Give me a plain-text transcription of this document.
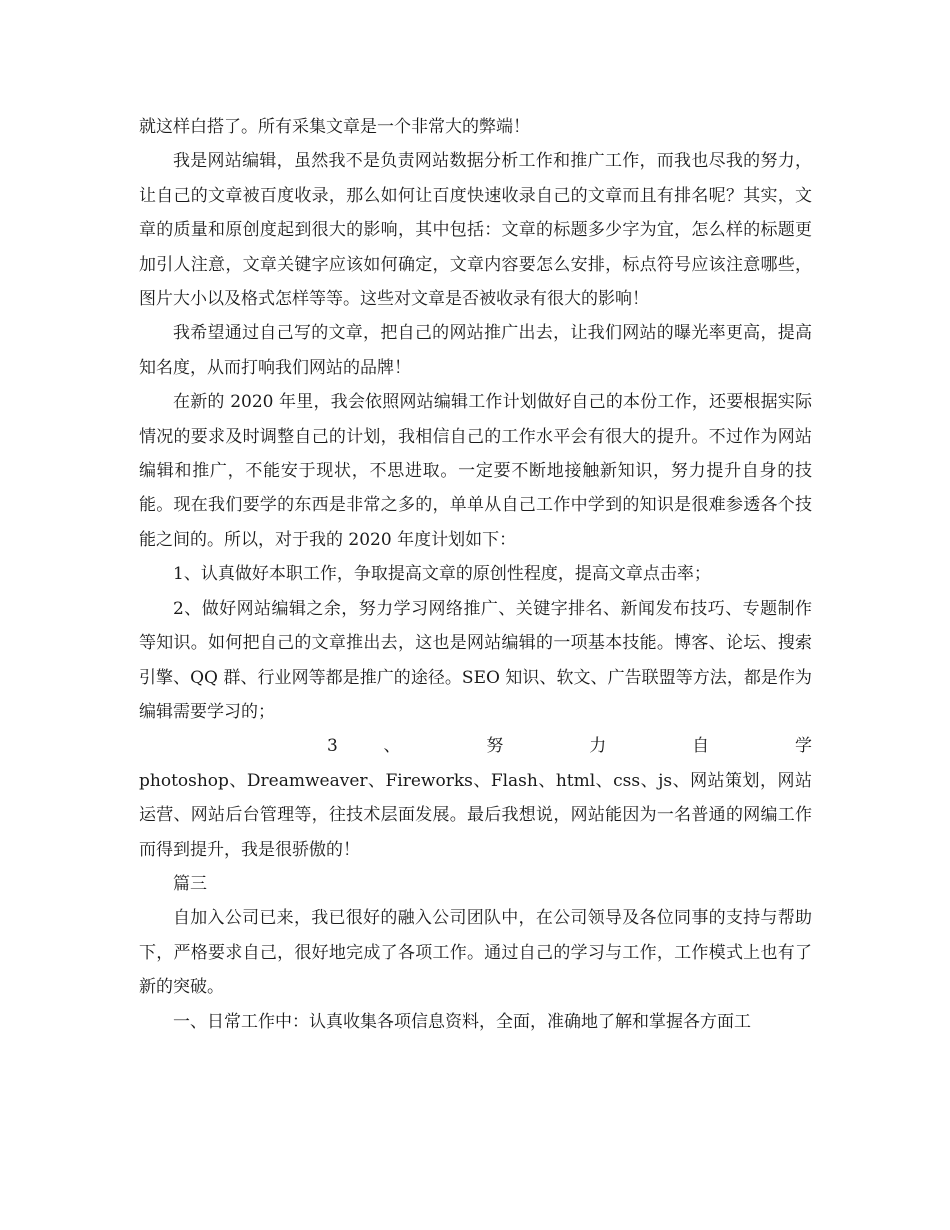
就这样白搭了。所有采集文章是一个非常大的弊端！

我是网站编辑，虽然我不是负责网站数据分析工作和推广工作，而我也尽我的努力，让自己的文章被百度收录，那么如何让百度快速收录自己的文章而且有排名呢？其实，文章的质量和原创度起到很大的影响，其中包括：文章的标题多少字为宜，怎么样的标题更加引人注意，文章关键字应该如何确定，文章内容要怎么安排，标点符号应该注意哪些，图片大小以及格式怎样等等。这些对文章是否被收录有很大的影响！

我希望通过自己写的文章，把自己的网站推广出去，让我们网站的曝光率更高，提高知名度，从而打响我们网站的品牌！

在新的 2020 年里，我会依照网站编辑工作计划做好自己的本份工作，还要根据实际情况的要求及时调整自己的计划，我相信自己的工作水平会有很大的提升。不过作为网站编辑和推广，不能安于现状，不思进取。一定要不断地接触新知识，努力提升自身的技能。现在我们要学的东西是非常之多的，单单从自己工作中学到的知识是很难参透各个技能之间的。所以，对于我的 2020 年度计划如下：

1、认真做好本职工作，争取提高文章的原创性程度，提高文章点击率；

2、做好网站编辑之余，努力学习网络推广、关键字排名、新闻发布技巧、专题制作等知识。如何把自己的文章推出去，这也是网站编辑的一项基本技能。博客、论坛、搜索引擎、QQ 群、行业网等都是推广的途径。SEO 知识、软文、广告联盟等方法，都是作为编辑需要学习的；

3 、 努 力 自 学

photoshop、Dreamweaver、Fireworks、Flash、html、css、js、网站策划，网站运营、网站后台管理等，往技术层面发展。最后我想说，网站能因为一名普通的网编工作而得到提升，我是很骄傲的！

篇三

自加入公司已来，我已很好的融入公司团队中，在公司领导及各位同事的支持与帮助下，严格要求自己，很好地完成了各项工作。通过自己的学习与工作，工作模式上也有了新的突破。

一、日常工作中：认真收集各项信息资料，全面，准确地了解和掌握各方面工
